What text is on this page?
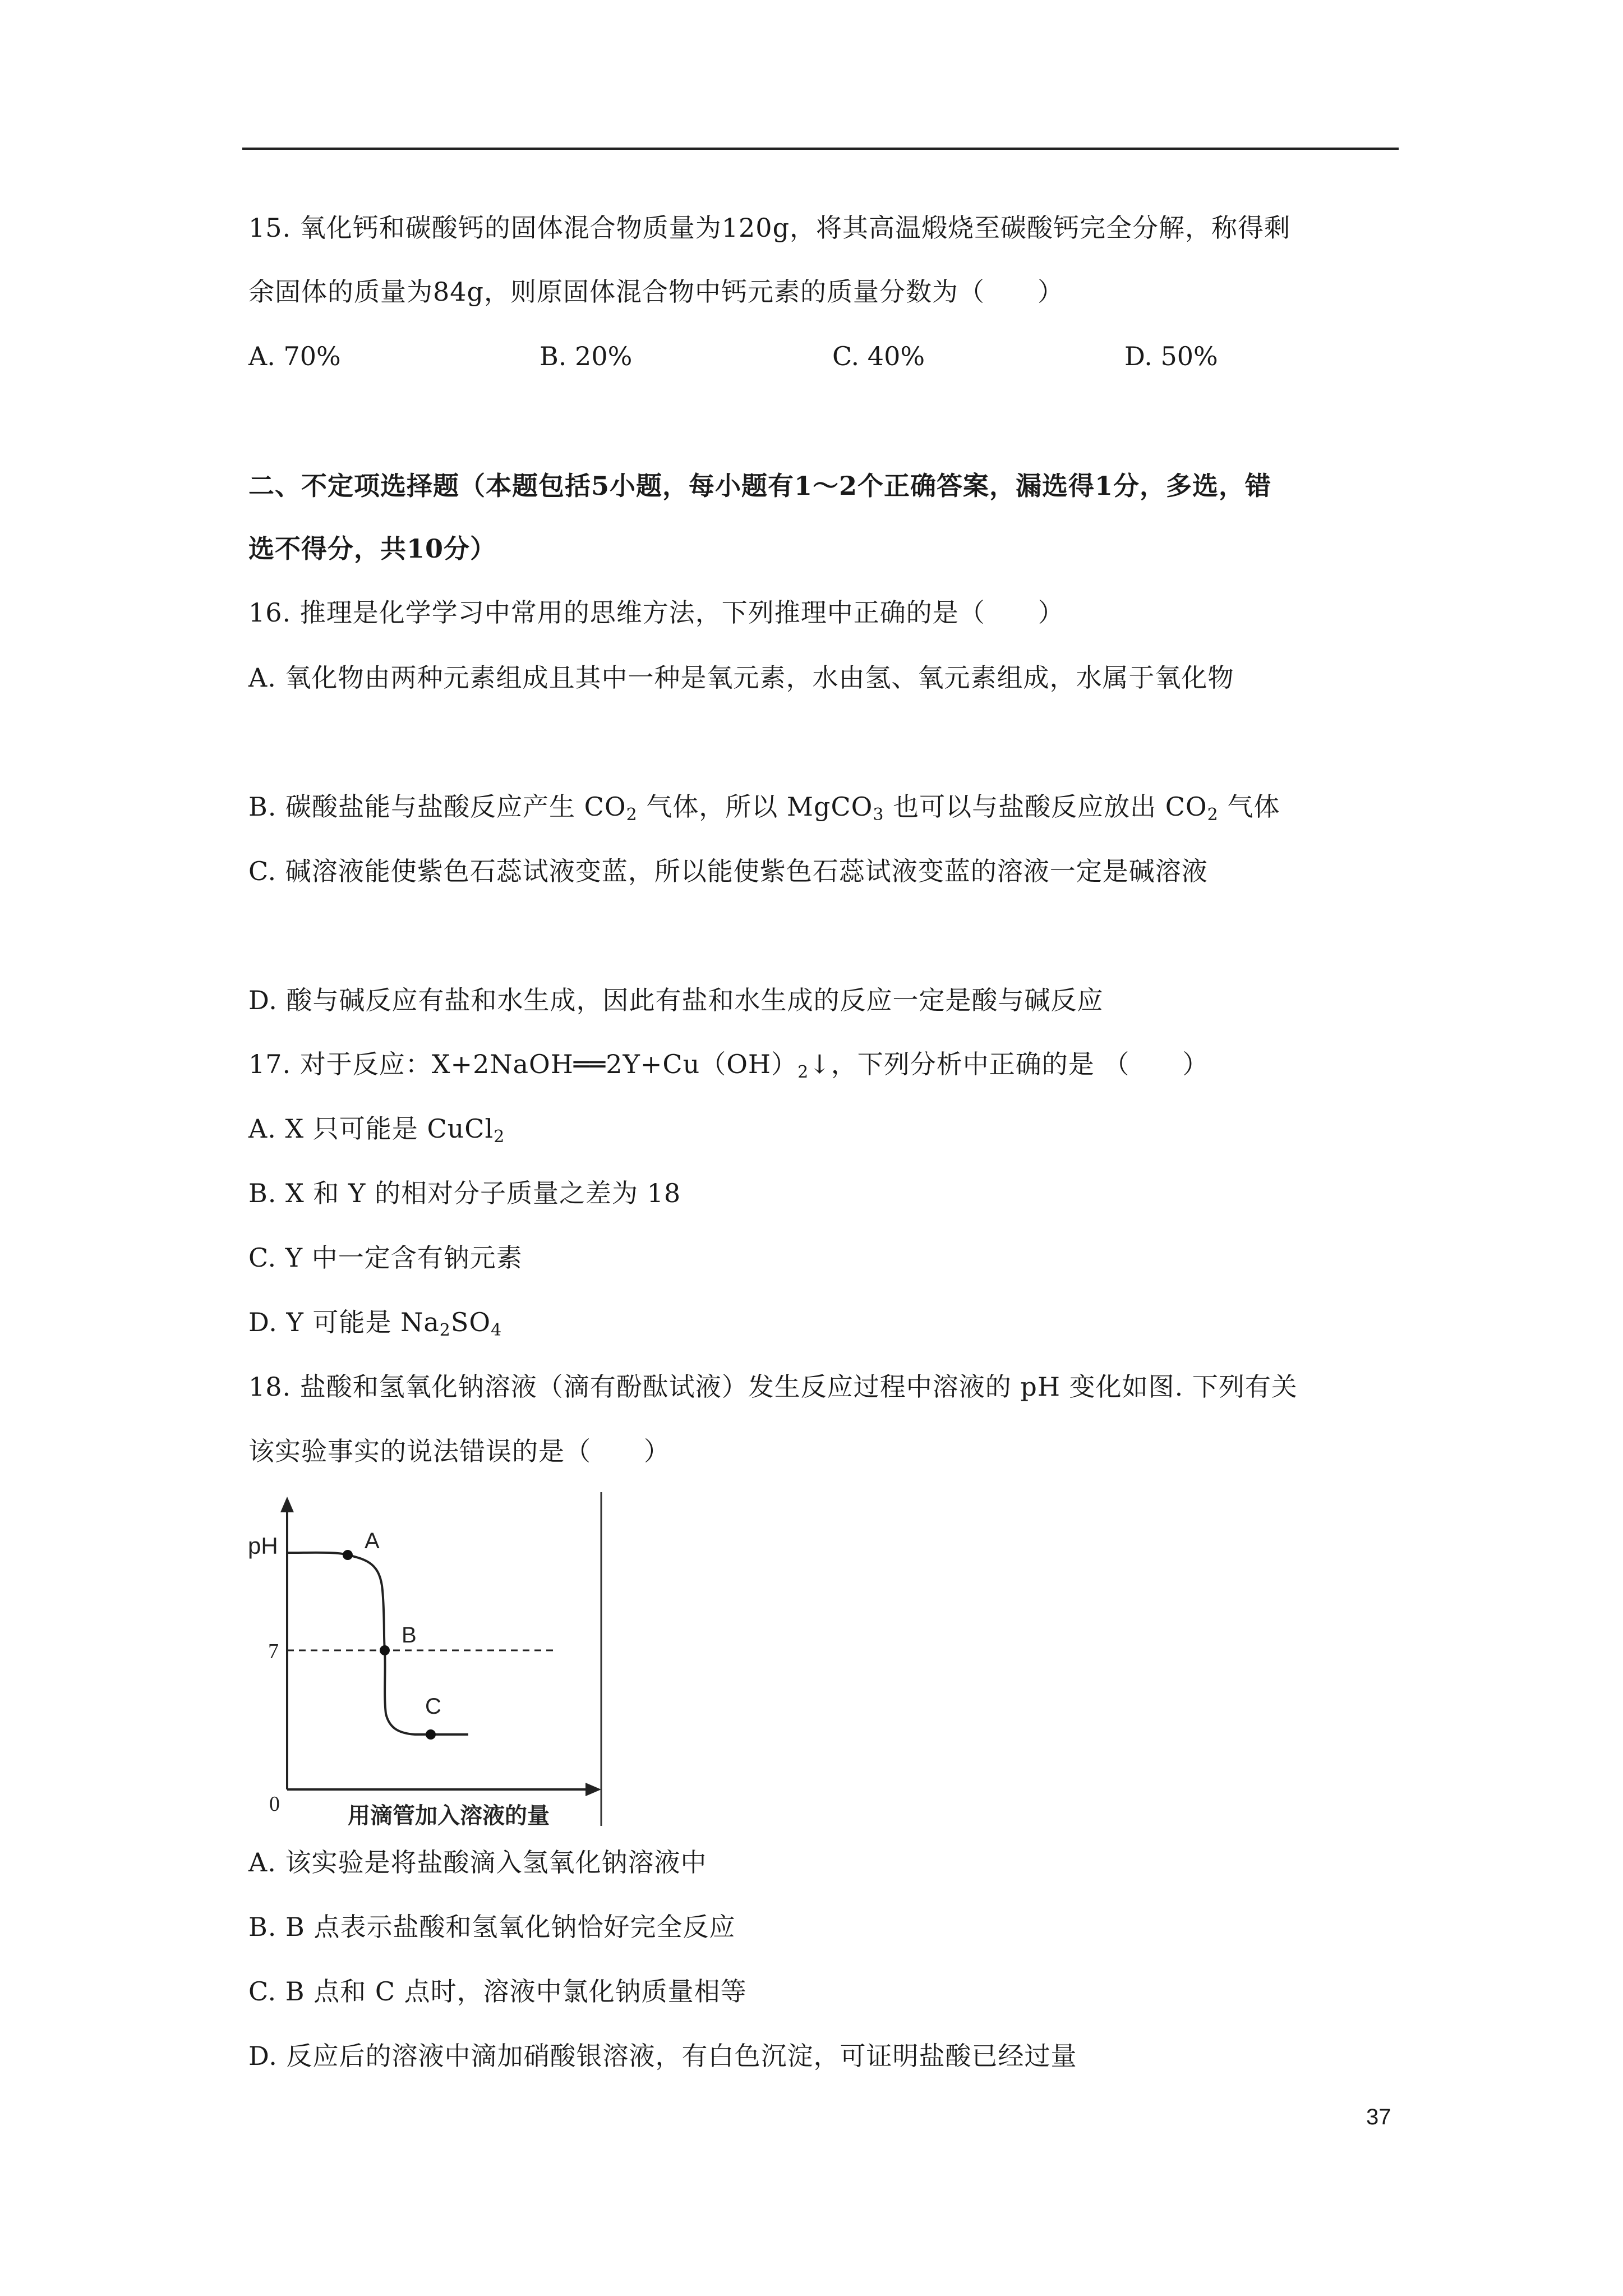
15. 氧化钙和碳酸钙的固体混合物质量为120g，将其高温煅烧至碳酸钙完全分解，称得剩
余固体的质量为84g，则原固体混合物中钙元素的质量分数为（　　）
A. 70%	B. 20%	C. 40%	D. 50%
二、不定项选择题（本题包括5小题，每小题有1～2个正确答案，漏选得1分，多选，错
选不得分，共10分）
16. 推理是化学学习中常用的思维方法，下列推理中正确的是（　　）
A. 氧化物由两种元素组成且其中一种是氧元素，水由氢、氧元素组成，水属于氧化物
B. 碳酸盐能与盐酸反应产生 $CO_2$ 气体，所以 MgCO$_3$ 也可以与盐酸反应放出 $CO_2$ 气体
C. 碱溶液能使紫色石蕊试液变蓝，所以能使紫色石蕊试液变蓝的溶液一定是碱溶液
D. 酸与碱反应有盐和水生成，因此有盐和水生成的反应一定是酸与碱反应
17. 对于反应：$X+2NaOH══2Y+Cu(OH)_2↓$，下列分析中正确的是 （　　）
A. X 只可能是 CuCl$_2$
B. X 和 Y 的相对分子质量之差为 18
C. Y 中一定含有钠元素
D. Y 可能是 $Na_2SO_4$
18. 盐酸和氢氧化钠溶液（滴有酚酞试液）发生反应过程中溶液的 pH 变化如图. 下列有关
该实验事实的说法错误的是（　　）
pH
7
0
A
B
C
用滴管加入溶液的量
A. 该实验是将盐酸滴入氢氧化钠溶液中
B. B 点表示盐酸和氢氧化钠恰好完全反应
C. B 点和 C 点时，溶液中氯化钠质量相等
D. 反应后的溶液中滴加硝酸银溶液，有白色沉淀，可证明盐酸已经过量
37
